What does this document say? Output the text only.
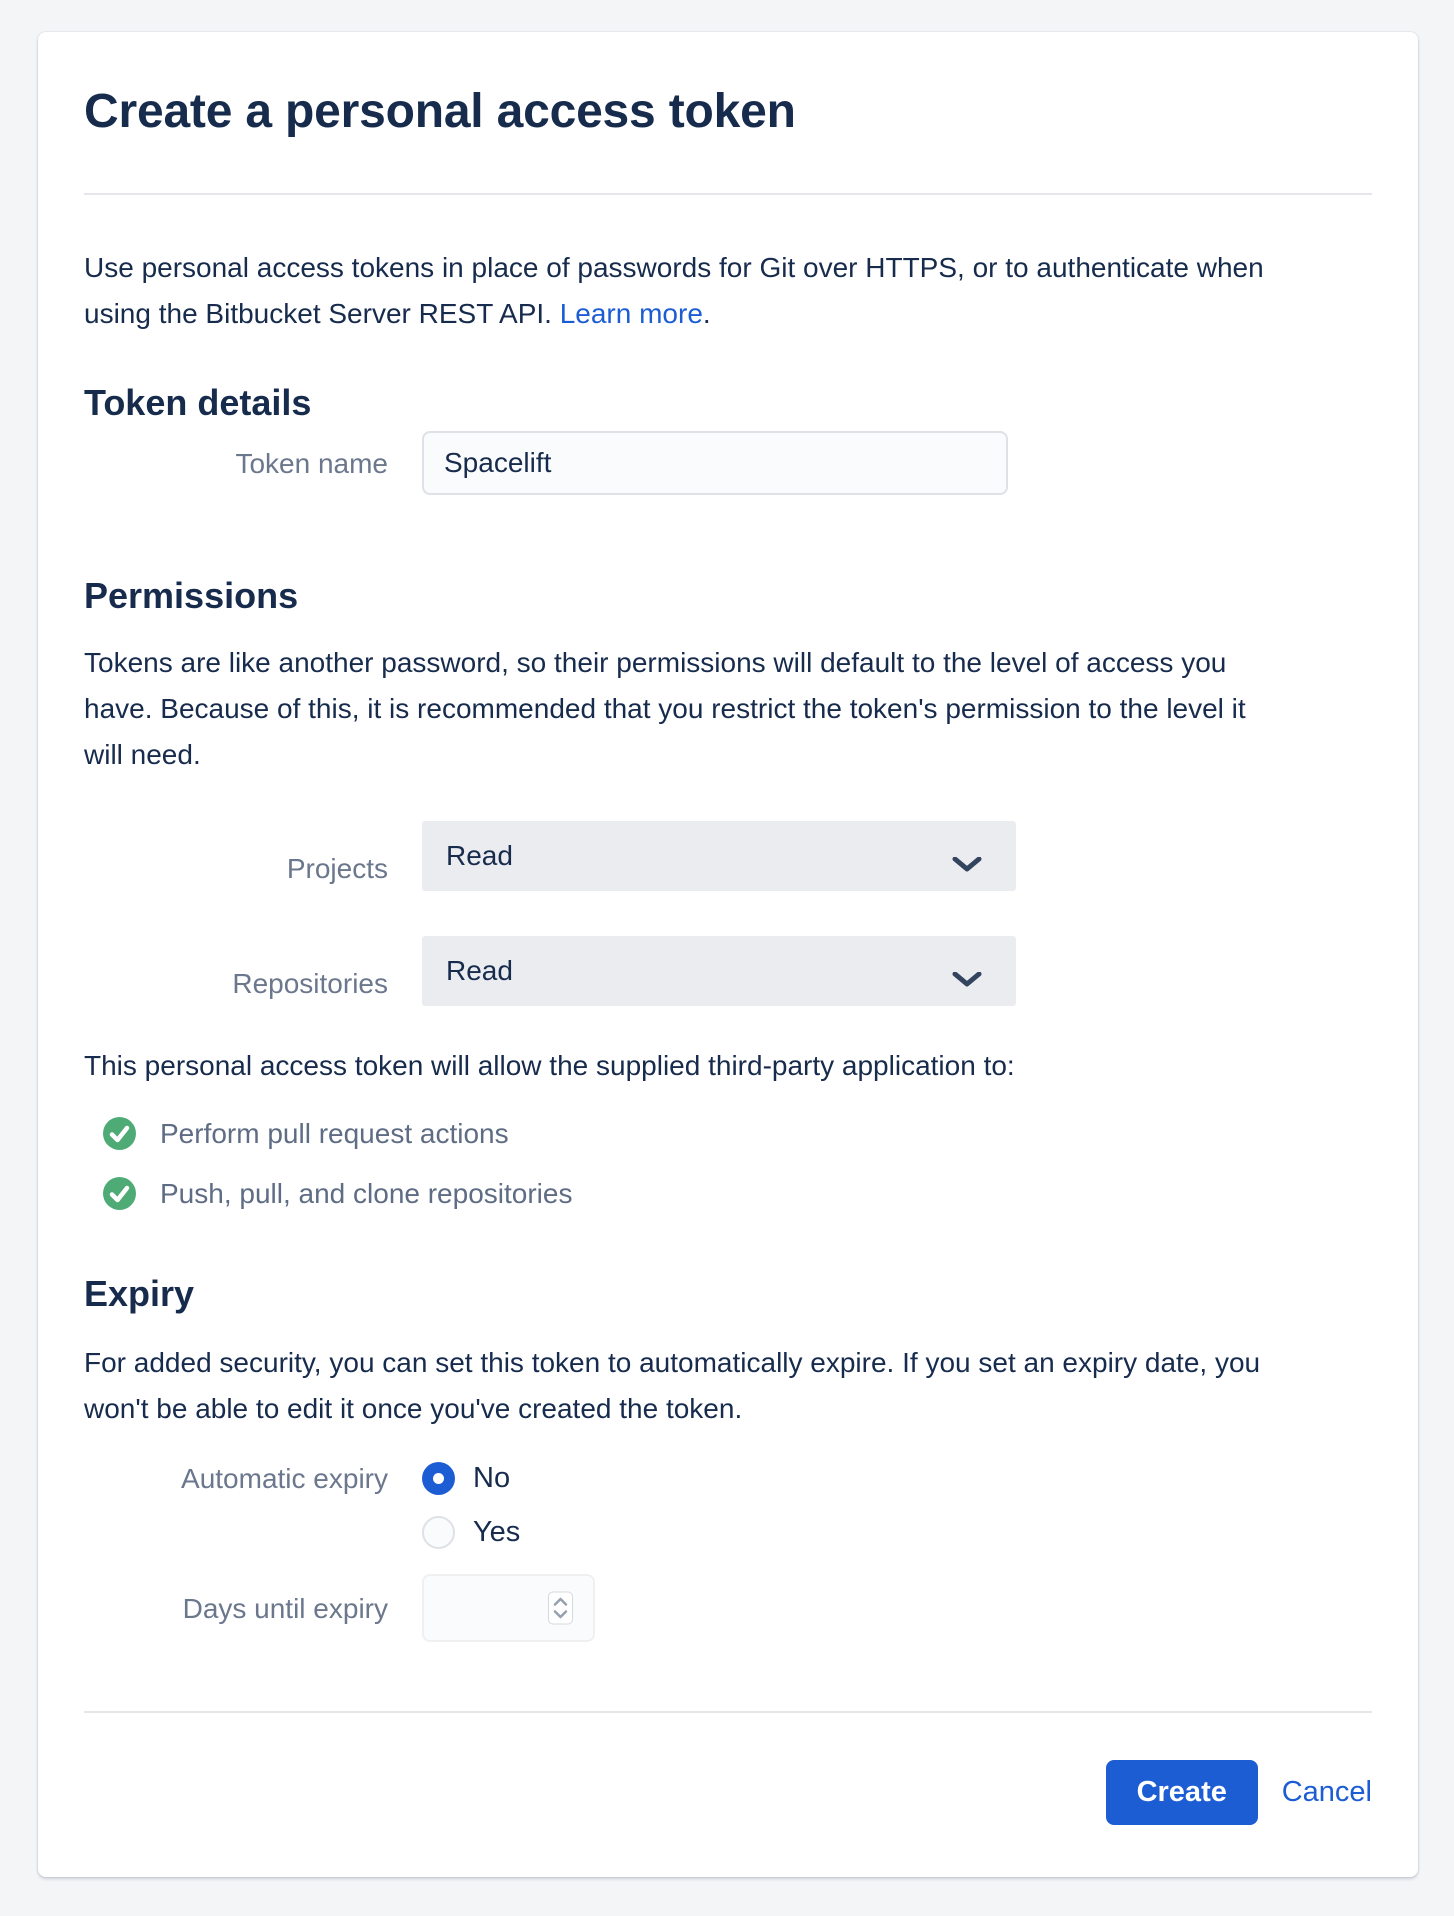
Create a personal access token

Use personal access tokens in place of passwords for Git over HTTPS, or to authenticate when using the Bitbucket Server REST API. Learn more.

Token details
Token name
Spacelift
Permissions

Tokens are like another password, so their permissions will default to the level of access you have. Because of this, it is recommended that you restrict the token's permission to the level it will need.

Projects Read
Repositories Read

This personal access token will allow the supplied third-party application to:

Perform pull request actions
Push, pull, and clone repositories
Expiry

For added security, you can set this token to automatically expire. If you set an expiry date, you won't be able to edit it once you've created the token.

Automatic expiry	No
Yes
Days until expiry
Create	Cancel
